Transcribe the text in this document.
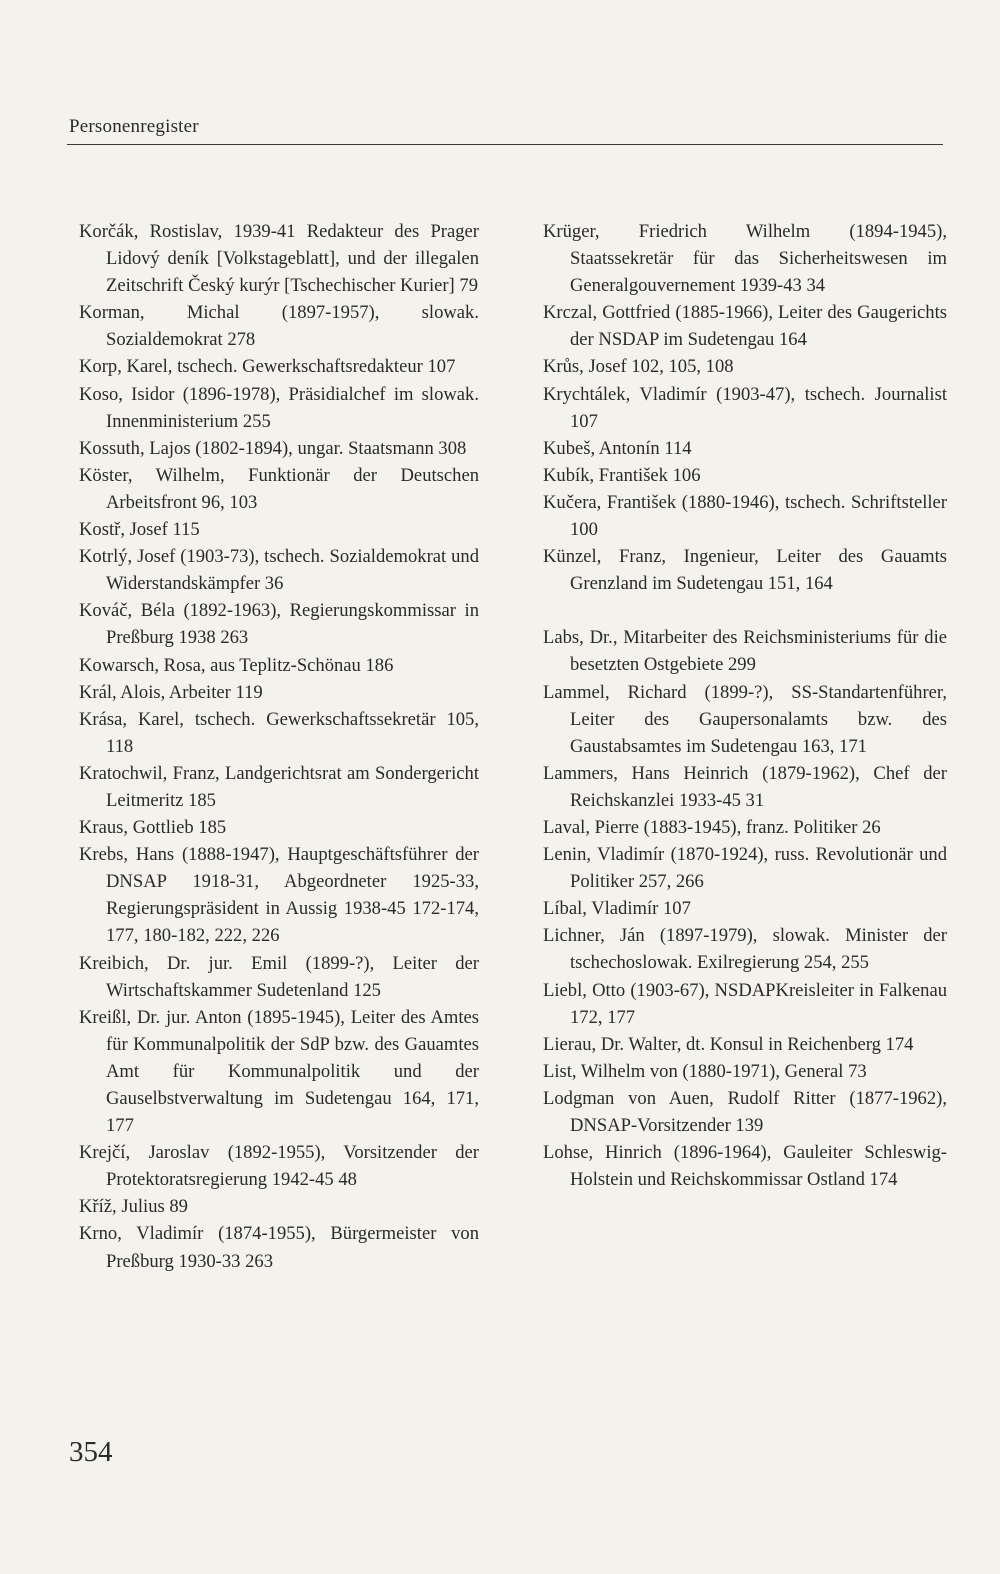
Personenregister
Korčák, Rostislav, 1939-41 Redakteur des Prager Lidový deník [Volkstageblatt], und der illegalen Zeitschrift Český kurýr [Tschechischer Kurier] 79
Korman, Michal (1897-1957), slowak. Sozialdemokrat 278
Korp, Karel, tschech. Gewerkschaftsredakteur 107
Koso, Isidor (1896-1978), Präsidialchef im slowak. Innenministerium 255
Kossuth, Lajos (1802-1894), ungar. Staatsmann 308
Köster, Wilhelm, Funktionär der Deutschen Arbeitsfront 96, 103
Kostř, Josef 115
Kotrlý, Josef (1903-73), tschech. Sozialdemokrat und Widerstandskämpfer 36
Kováč, Béla (1892-1963), Regierungskommissar in Preßburg 1938 263
Kowarsch, Rosa, aus Teplitz-Schönau 186
Král, Alois, Arbeiter 119
Krása, Karel, tschech. Gewerkschaftssekretär 105, 118
Kratochwil, Franz, Landgerichtsrat am Sondergericht Leitmeritz 185
Kraus, Gottlieb 185
Krebs, Hans (1888-1947), Hauptgeschäftsführer der DNSAP 1918-31, Abgeordneter 1925-33, Regierungspräsident in Aussig 1938-45 172-174, 177, 180-182, 222, 226
Kreibich, Dr. jur. Emil (1899-?), Leiter der Wirtschaftskammer Sudetenland 125
Kreißl, Dr. jur. Anton (1895-1945), Leiter des Amtes für Kommunalpolitik der SdP bzw. des Gauamtes Amt für Kommunalpolitik und der Gauselbstverwaltung im Sudetengau 164, 171, 177
Krejčí, Jaroslav (1892-1955), Vorsitzender der Protektoratsregierung 1942-45 48
Kříž, Julius 89
Krno, Vladimír (1874-1955), Bürgermeister von Preßburg 1930-33 263
Krüger, Friedrich Wilhelm (1894-1945), Staatssekretär für das Sicherheitswesen im Generalgouvernement 1939-43 34
Krczal, Gottfried (1885-1966), Leiter des Gaugerichts der NSDAP im Sudetengau 164
Krůs, Josef 102, 105, 108
Krychtálek, Vladimír (1903-47), tschech. Journalist 107
Kubeš, Antonín 114
Kubík, František 106
Kučera, František (1880-1946), tschech. Schriftsteller 100
Künzel, Franz, Ingenieur, Leiter des Gauamts Grenzland im Sudetengau 151, 164
Labs, Dr., Mitarbeiter des Reichsministeriums für die besetzten Ostgebiete 299
Lammel, Richard (1899-?), SS-Standartenführer, Leiter des Gaupersonalamts bzw. des Gaustabsamtes im Sudetengau 163, 171
Lammers, Hans Heinrich (1879-1962), Chef der Reichskanzlei 1933-45 31
Laval, Pierre (1883-1945), franz. Politiker 26
Lenin, Vladimír (1870-1924), russ. Revolutionär und Politiker 257, 266
Líbal, Vladimír 107
Lichner, Ján (1897-1979), slowak. Minister der tschechoslowak. Exilregierung 254, 255
Liebl, Otto (1903-67), NSDAPKreisleiter in Falkenau 172, 177
Lierau, Dr. Walter, dt. Konsul in Reichenberg 174
List, Wilhelm von (1880-1971), General 73
Lodgman von Auen, Rudolf Ritter (1877-1962), DNSAP-Vorsitzender 139
Lohse, Hinrich (1896-1964), Gauleiter Schleswig-Holstein und Reichskommissar Ostland 174
354
